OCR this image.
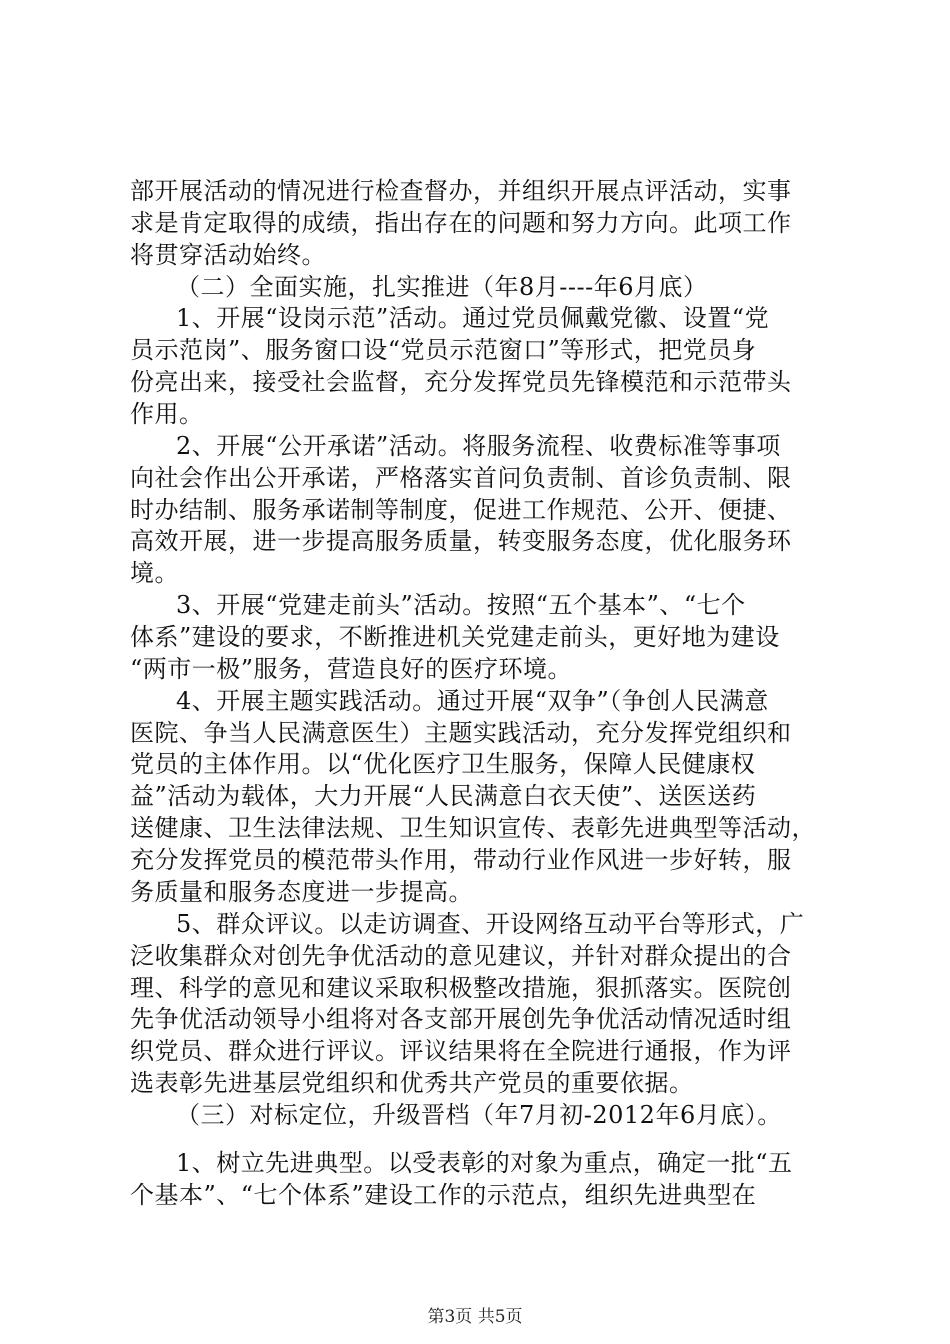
部开展活动的情况进行检查督办，并组织开展点评活动，实事
求是肯定取得的成绩，指出存在的问题和努力方向。此项工作
将贯穿活动始终。
（二）全面实施，扎实推进（年8月----年6月底）
1、开展“设岗示范”活动。通过党员佩戴党徽、设置“党
员示范岗”、服务窗口设“党员示范窗口”等形式，把党员身
份亮出来，接受社会监督，充分发挥党员先锋模范和示范带头
作用。
2、开展“公开承诺”活动。将服务流程、收费标准等事项
向社会作出公开承诺，严格落实首问负责制、首诊负责制、限
时办结制、服务承诺制等制度，促进工作规范、公开、便捷、
高效开展，进一步提高服务质量，转变服务态度，优化服务环
境。
3、开展“党建走前头”活动。按照“五个基本”、“七个
体系”建设的要求，不断推进机关党建走前头，更好地为建设
“两市一极”服务，营造良好的医疗环境。
4、开展主题实践活动。通过开展“双争”（争创人民满意
医院、争当人民满意医生）主题实践活动，充分发挥党组织和
党员的主体作用。以“优化医疗卫生服务，保障人民健康权
益”活动为载体，大力开展“人民满意白衣天使”、送医送药
送健康、卫生法律法规、卫生知识宣传、表彰先进典型等活动，
充分发挥党员的模范带头作用，带动行业作风进一步好转，服
务质量和服务态度进一步提高。
5、群众评议。以走访调查、开设网络互动平台等形式，广
泛收集群众对创先争优活动的意见建议，并针对群众提出的合
理、科学的意见和建议采取积极整改措施，狠抓落实。医院创
先争优活动领导小组将对各支部开展创先争优活动情况适时组
织党员、群众进行评议。评议结果将在全院进行通报，作为评
选表彰先进基层党组织和优秀共产党员的重要依据。
（三）对标定位，升级晋档（年7月初-2012年6月底）。
1、树立先进典型。以受表彰的对象为重点，确定一批“五
个基本”、“七个体系”建设工作的示范点，组织先进典型在
第3页 共5页
